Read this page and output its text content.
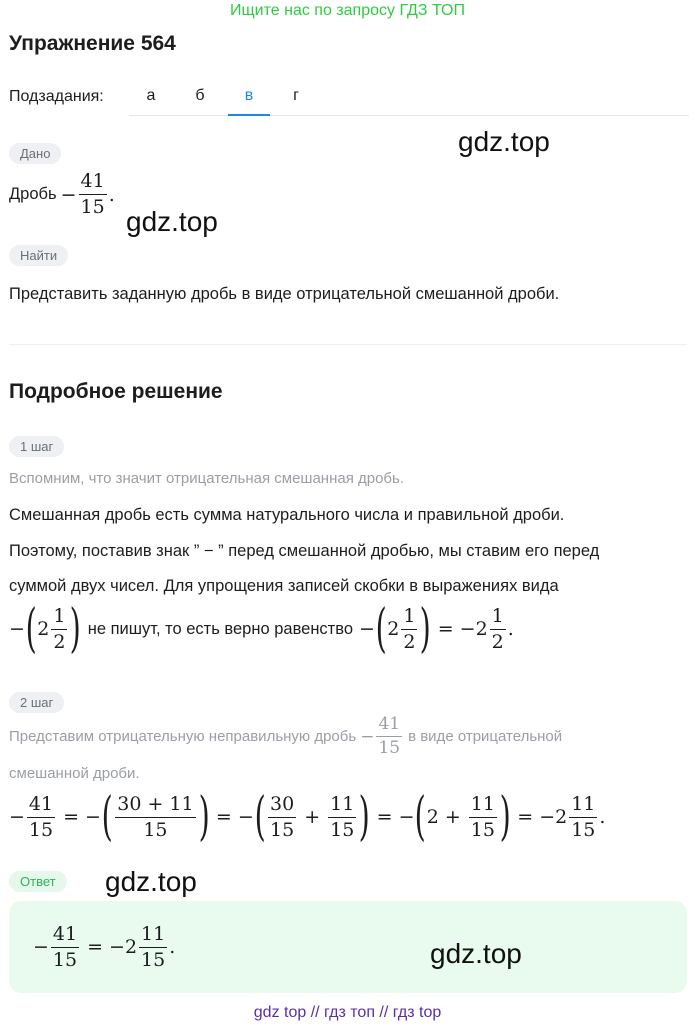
Ищите нас по запросу ГДЗ ТОП
Упражнение 564
Подзадания:	а	б	в	г
Дано
Дробь − $\frac{41}{15}$ .
Найти
Представить заданную дробь в виде отрицательной смешанной дроби.
Подробное решение
1 шаг
Вспомним, что значит отрицательная смешанная дробь.
Смешанная дробь есть сумма натурального числа и правильной дроби.
Поэтому, поставив знак ” − ” перед смешанной дробью, мы ставим его перед
суммой двух чисел. Для упрощения записей скобки в выражениях вида
− ( $2 \frac{1}{2}$ ) не пишут, то есть верно равенство − ( $2 \frac{1}{2}$ ) = − $2 \frac{1}{2}$ .
2 шаг
Представим отрицательную неправильную дробь − $\frac{41}{15}$ в виде отрицательной
смешанной дроби.
− $\frac{41}{15}$ = − ( $\frac{30 + 11}{15}$ ) = − ( $\frac{30}{15} + \frac{11}{15}$ ) = − ( $2 + \frac{11}{15}$ ) = − $2 \frac{11}{15}$ .
Ответ
− $\frac{41}{15}$ = − $2 \frac{11}{15}$ .
gdz.top
gdz.top
gdz.top
gdz.top
gdz top // гдз топ // гдз top
